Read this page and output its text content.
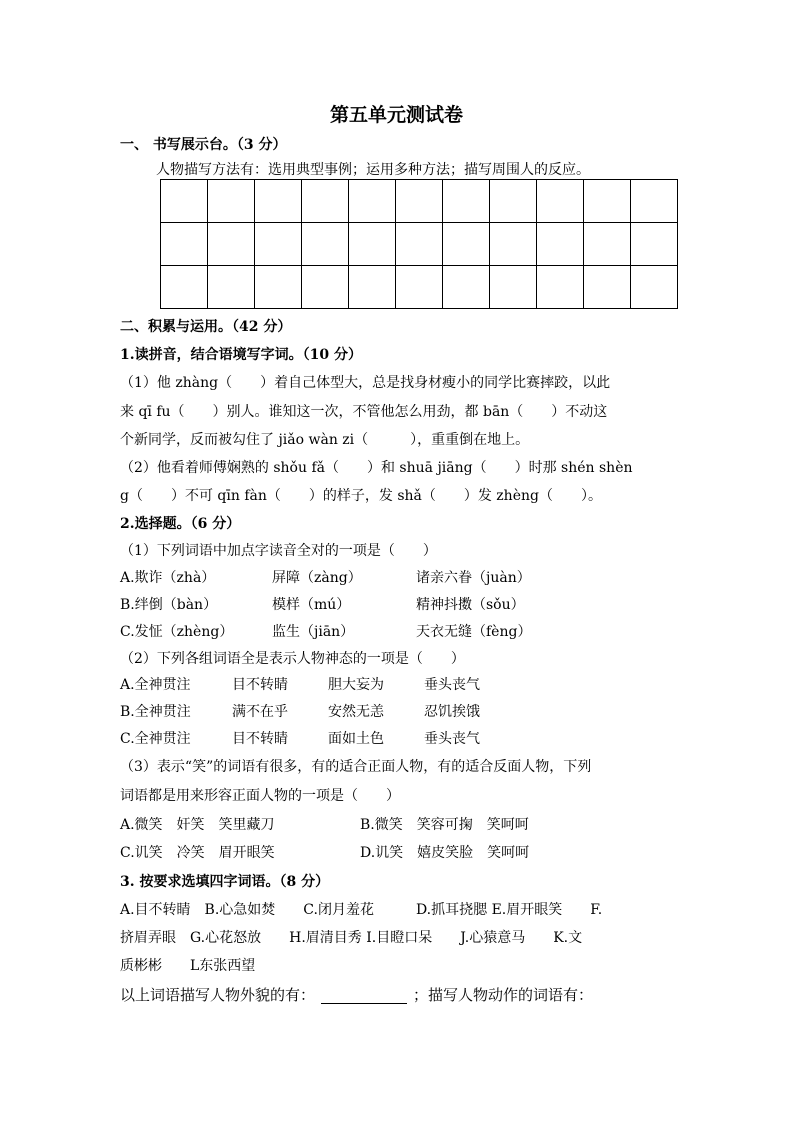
第五单元测试卷
一、 书写展示台。（3 分）
人物描写方法有：选用典型事例；运用多种方法；描写周围人的反应。

二、积累与运用。（42 分）
1.读拼音，结合语境写字词。（10 分）
（1）他 zhàng（　　）着自己体型大，总是找身材瘦小的同学比赛摔跤，以此
来 qī fu（　　）别人。谁知这一次，不管他怎么用劲，都 bān（　　）不动这
个新同学，反而被勾住了 jiǎo wàn zi（　　　），重重倒在地上。
（2）他看着师傅娴熟的 shǒu fǎ（　　）和 shuā jiāng（　　）时那 shén shèn
g（　　）不可 qīn fàn（　　）的样子，发 shǎ（　　）发 zhèng（　　）。
2.选择题。（6 分）
（1）下列词语中加点字读音全对的一项是（　　）
A.欺诈（zhà）	屏障（zàng）	诸亲六眷（juàn）
B.绊倒（bàn）	模样（mú）	精神抖擞（sǒu）
C.发怔（zhèng）	监生（jiān）	天衣无缝（fèng）
（2）下列各组词语全是表示人物神态的一项是（　　）
A.全神贯注	目不转睛	胆大妄为	垂头丧气
B.全神贯注	满不在乎	安然无恙	忍饥挨饿
C.全神贯注	目不转睛	面如土色	垂头丧气
（3）表示“笑”的词语有很多，有的适合正面人物，有的适合反面人物，下列
词语都是用来形容正面人物的一项是（　　）
A.微笑　奸笑　笑里藏刀	B.微笑　笑容可掬　笑呵呵
C.讥笑　冷笑　眉开眼笑	D.讥笑　嬉皮笑脸　笑呵呵
3. 按要求选填四字词语。（8 分）
A.目不转睛　B.心急如焚　　C.闭月羞花　　　D.抓耳挠腮 E.眉开眼笑　　F.
挤眉弄眼　G.心花怒放　　H.眉清目秀 I.目瞪口呆　　J.心猿意马　　K.文
质彬彬　　L东张西望
以上词语描写人物外貌的有：	；描写人物动作的词语有：
